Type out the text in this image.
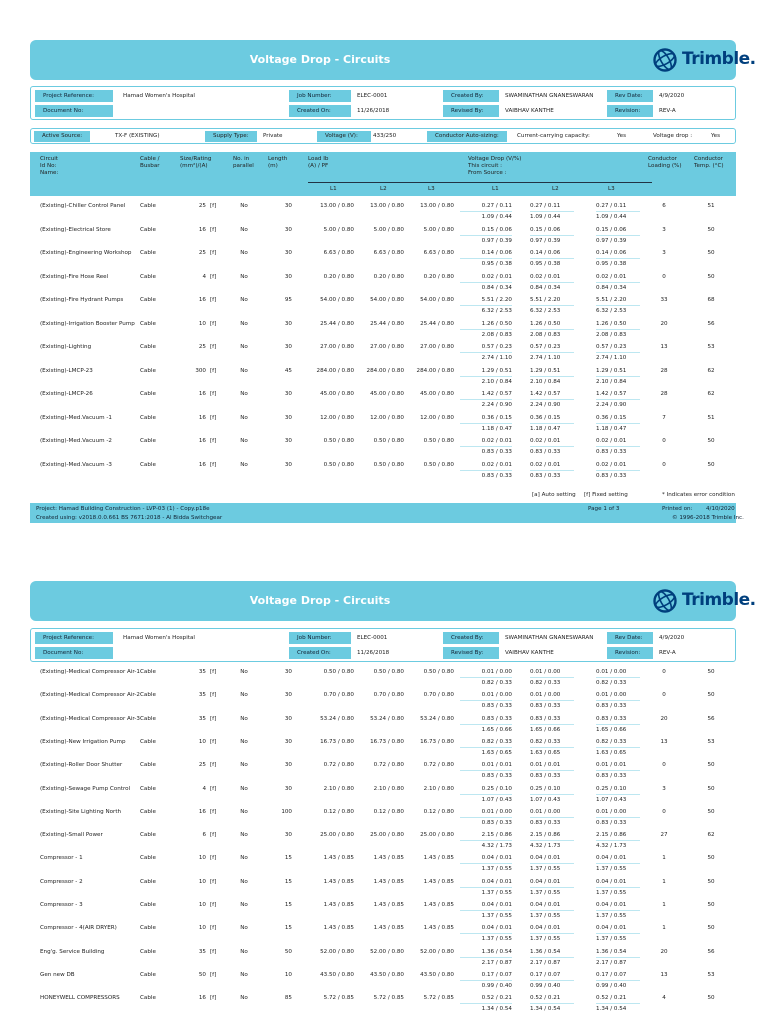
Voltage Drop - Circuits	Trimble.
Project Reference:	Hamad Women's Hospital
Document No:
Job Number:	ELEC-0001
Created On:	11/26/2018
Created By:	SWAMINATHAN GNANESWARAN
Revised By:	VAIBHAV KANTHE
Rev Date:	4/9/2020
Revision:	REV-A
Active Source:	TX-F (EXISTING)	Supply Type:	Private	Voltage (V):	433/250	Conductor Auto-sizing:	Current-carrying capacity:	Yes	Voltage drop :	Yes
Circuit
Id No:
Name:
Cable /
Busbar
Size/Rating
(mm²)/(A)
No. in
parallel
Length
(m)
Load Ib
(A) / PF
Voltage Drop (V/%)
This circuit :
From Source :
Conductor
Loading (%)
Conductor
Temp. (°C)
L1	L2	L3	L1	L2	L3
(Existing)-Chiller Control Panel	Cable	25 [f]	No	30	13.00 / 0.80	13.00 / 0.80	13.00 / 0.80	0.27 / 0.11	0.27 / 0.11	0.27 / 0.11	6	51
1.09 / 0.44	1.09 / 0.44	1.09 / 0.44
(Existing)-Electrical Store	Cable	16 [f]	No	30	5.00 / 0.80	5.00 / 0.80	5.00 / 0.80	0.15 / 0.06	0.15 / 0.06	0.15 / 0.06	3	50
0.97 / 0.39	0.97 / 0.39	0.97 / 0.39
(Existing)-Engineering Workshop	Cable	25 [f]	No	30	6.63 / 0.80	6.63 / 0.80	6.63 / 0.80	0.14 / 0.06	0.14 / 0.06	0.14 / 0.06	3	50
0.95 / 0.38	0.95 / 0.38	0.95 / 0.38
(Existing)-Fire Hose Reel	Cable	4 [f]	No	30	0.20 / 0.80	0.20 / 0.80	0.20 / 0.80	0.02 / 0.01	0.02 / 0.01	0.02 / 0.01	0	50
0.84 / 0.34	0.84 / 0.34	0.84 / 0.34
(Existing)-Fire Hydrant Pumps	Cable	16 [f]	No	95	54.00 / 0.80	54.00 / 0.80	54.00 / 0.80	5.51 / 2.20	5.51 / 2.20	5.51 / 2.20	33	68
6.32 / 2.53	6.32 / 2.53	6.32 / 2.53
(Existing)-Irrigation Booster Pump Cable	10 [f]	No	30	25.44 / 0.80	25.44 / 0.80	25.44 / 0.80	1.26 / 0.50	1.26 / 0.50	1.26 / 0.50	20	56
2.08 / 0.83	2.08 / 0.83	2.08 / 0.83
(Existing)-Lighting	Cable	25 [f]	No	30	27.00 / 0.80	27.00 / 0.80	27.00 / 0.80	0.57 / 0.23	0.57 / 0.23	0.57 / 0.23	13	53
2.74 / 1.10	2.74 / 1.10	2.74 / 1.10
(Existing)-LMCP-23	Cable	300 [f]	No	45	284.00 / 0.80	284.00 / 0.80	284.00 / 0.80	1.29 / 0.51	1.29 / 0.51	1.29 / 0.51	28	62
2.10 / 0.84	2.10 / 0.84	2.10 / 0.84
(Existing)-LMCP-26	Cable	16 [f]	No	30	45.00 / 0.80	45.00 / 0.80	45.00 / 0.80	1.42 / 0.57	1.42 / 0.57	1.42 / 0.57	28	62
2.24 / 0.90	2.24 / 0.90	2.24 / 0.90
(Existing)-Med.Vacuum -1	Cable	16 [f]	No	30	12.00 / 0.80	12.00 / 0.80	12.00 / 0.80	0.36 / 0.15	0.36 / 0.15	0.36 / 0.15	7	51
1.18 / 0.47	1.18 / 0.47	1.18 / 0.47
(Existing)-Med.Vacuum -2	Cable	16 [f]	No	30	0.50 / 0.80	0.50 / 0.80	0.50 / 0.80	0.02 / 0.01	0.02 / 0.01	0.02 / 0.01	0	50
0.83 / 0.33	0.83 / 0.33	0.83 / 0.33
(Existing)-Med.Vacuum -3	Cable	16 [f]	No	30	0.50 / 0.80	0.50 / 0.80	0.50 / 0.80	0.02 / 0.01	0.02 / 0.01	0.02 / 0.01	0	50
0.83 / 0.33	0.83 / 0.33	0.83 / 0.33
[a] Auto setting [f] Fixed setting	* Indicates error condition
Project: Hamad Building Construction - LVP-03 (1) - Copy.p18e
Created using: v2018.0.0.661 BS 7671:2018 - Al Bidda Switchgear
Page 1 of 3	Printed on: 4/10/2020
© 1996-2018 Trimble Inc.
Voltage Drop - Circuits	Trimble.
Project Reference:	Hamad Women's Hospital
Document No:
Job Number:	ELEC-0001
Created On:	11/26/2018
Created By:	SWAMINATHAN GNANESWARAN
Revised By:	VAIBHAV KANTHE
Rev Date:	4/9/2020
Revision:	REV-A
(Existing)-Medical Compressor Air-1 Cable	35 [f]	No	30	0.50 / 0.80	0.50 / 0.80	0.50 / 0.80	0.01 / 0.00	0.01 / 0.00	0.01 / 0.00	0	50
0.82 / 0.33	0.82 / 0.33	0.82 / 0.33
(Existing)-Medical Compressor Air-2 Cable	35 [f]	No	30	0.70 / 0.80	0.70 / 0.80	0.70 / 0.80	0.01 / 0.00	0.01 / 0.00	0.01 / 0.00	0	50
0.83 / 0.33	0.83 / 0.33	0.83 / 0.33
(Existing)-Medical Compressor Air-3 Cable	35 [f]	No	30	53.24 / 0.80	53.24 / 0.80	53.24 / 0.80	0.83 / 0.33	0.83 / 0.33	0.83 / 0.33	20	56
1.65 / 0.66	1.65 / 0.66	1.65 / 0.66
(Existing)-New Irrigation Pump	Cable	10 [f]	No	30	16.73 / 0.80	16.73 / 0.80	16.73 / 0.80	0.82 / 0.33	0.82 / 0.33	0.82 / 0.33	13	53
1.63 / 0.65	1.63 / 0.65	1.63 / 0.65
(Existing)-Roller Door Shutter	Cable	25 [f]	No	30	0.72 / 0.80	0.72 / 0.80	0.72 / 0.80	0.01 / 0.01	0.01 / 0.01	0.01 / 0.01	0	50
0.83 / 0.33	0.83 / 0.33	0.83 / 0.33
(Existing)-Sewage Pump Control	Cable	4 [f]	No	30	2.10 / 0.80	2.10 / 0.80	2.10 / 0.80	0.25 / 0.10	0.25 / 0.10	0.25 / 0.10	3	50
1.07 / 0.43	1.07 / 0.43	1.07 / 0.43
(Existing)-Site Lighting North	Cable	16 [f]	No	100	0.12 / 0.80	0.12 / 0.80	0.12 / 0.80	0.01 / 0.00	0.01 / 0.00	0.01 / 0.00	0	50
0.83 / 0.33	0.83 / 0.33	0.83 / 0.33
(Existing)-Small Power	Cable	6 [f]	No	30	25.00 / 0.80	25.00 / 0.80	25.00 / 0.80	2.15 / 0.86	2.15 / 0.86	2.15 / 0.86	27	62
4.32 / 1.73	4.32 / 1.73	4.32 / 1.73
Compressor - 1	Cable	10 [f]	No	15	1.43 / 0.85	1.43 / 0.85	1.43 / 0.85	0.04 / 0.01	0.04 / 0.01	0.04 / 0.01	1	50
1.37 / 0.55	1.37 / 0.55	1.37 / 0.55
Compressor - 2	Cable	10 [f]	No	15	1.43 / 0.85	1.43 / 0.85	1.43 / 0.85	0.04 / 0.01	0.04 / 0.01	0.04 / 0.01	1	50
1.37 / 0.55	1.37 / 0.55	1.37 / 0.55
Compressor - 3	Cable	10 [f]	No	15	1.43 / 0.85	1.43 / 0.85	1.43 / 0.85	0.04 / 0.01	0.04 / 0.01	0.04 / 0.01	1	50
1.37 / 0.55	1.37 / 0.55	1.37 / 0.55
Compressor - 4(AIR DRYER)	Cable	10 [f]	No	15	1.43 / 0.85	1.43 / 0.85	1.43 / 0.85	0.04 / 0.01	0.04 / 0.01	0.04 / 0.01	1	50
1.37 / 0.55	1.37 / 0.55	1.37 / 0.55
Eng'g. Service Building	Cable	35 [f]	No	50	52.00 / 0.80	52.00 / 0.80	52.00 / 0.80	1.36 / 0.54	1.36 / 0.54	1.36 / 0.54	20	56
2.17 / 0.87	2.17 / 0.87	2.17 / 0.87
Gen new DB	Cable	50 [f]	No	10	43.50 / 0.80	43.50 / 0.80	43.50 / 0.80	0.17 / 0.07	0.17 / 0.07	0.17 / 0.07	13	53
0.99 / 0.40	0.99 / 0.40	0.99 / 0.40
HONEYWELL COMPRESSORS	Cable	16 [f]	No	85	5.72 / 0.85	5.72 / 0.85	5.72 / 0.85	0.52 / 0.21	0.52 / 0.21	0.52 / 0.21	4	50
1.34 / 0.54	1.34 / 0.54	1.34 / 0.54
